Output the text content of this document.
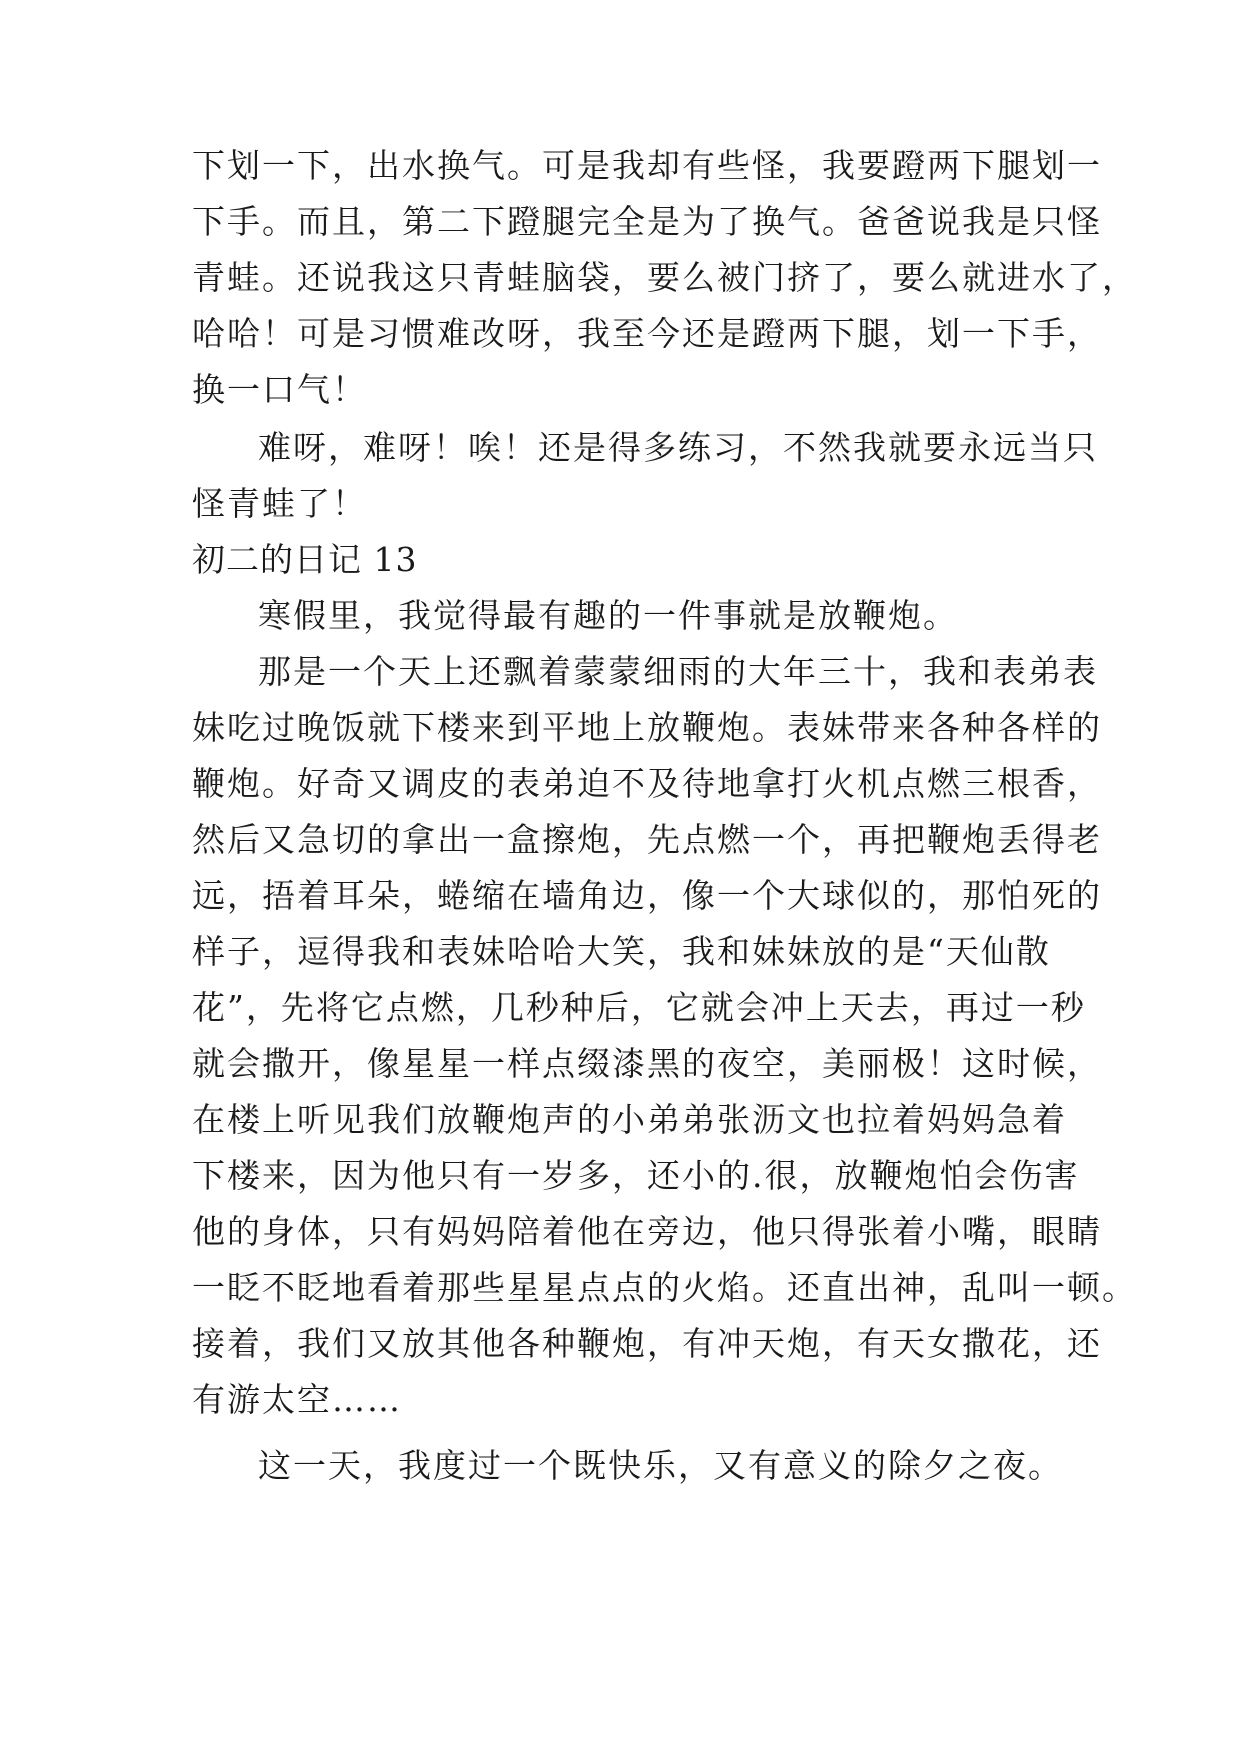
下划一下，出水换气。可是我却有些怪，我要蹬两下腿划一
下手。而且，第二下蹬腿完全是为了换气。爸爸说我是只怪
青蛙。还说我这只青蛙脑袋，要么被门挤了，要么就进水了，
哈哈！可是习惯难改呀，我至今还是蹬两下腿，划一下手，
换一口气！
难呀，难呀！唉！还是得多练习，不然我就要永远当只
怪青蛙了！
初二的日记 13
寒假里，我觉得最有趣的一件事就是放鞭炮。
那是一个天上还飘着蒙蒙细雨的大年三十，我和表弟表
妹吃过晚饭就下楼来到平地上放鞭炮。表妹带来各种各样的
鞭炮。好奇又调皮的表弟迫不及待地拿打火机点燃三根香，
然后又急切的拿出一盒擦炮，先点燃一个，再把鞭炮丢得老
远，捂着耳朵，蜷缩在墙角边，像一个大球似的，那怕死的
样子，逗得我和表妹哈哈大笑，我和妹妹放的是“天仙散
花”，先将它点燃，几秒种后，它就会冲上天去，再过一秒
就会撒开，像星星一样点缀漆黑的夜空，美丽极！这时候，
在楼上听见我们放鞭炮声的小弟弟张沥文也拉着妈妈急着
下楼来，因为他只有一岁多，还小的.很，放鞭炮怕会伤害
他的身体，只有妈妈陪着他在旁边，他只得张着小嘴，眼睛
一眨不眨地看着那些星星点点的火焰。还直出神，乱叫一顿。
接着，我们又放其他各种鞭炮，有冲天炮，有天女撒花，还
有游太空……
这一天，我度过一个既快乐，又有意义的除夕之夜。
